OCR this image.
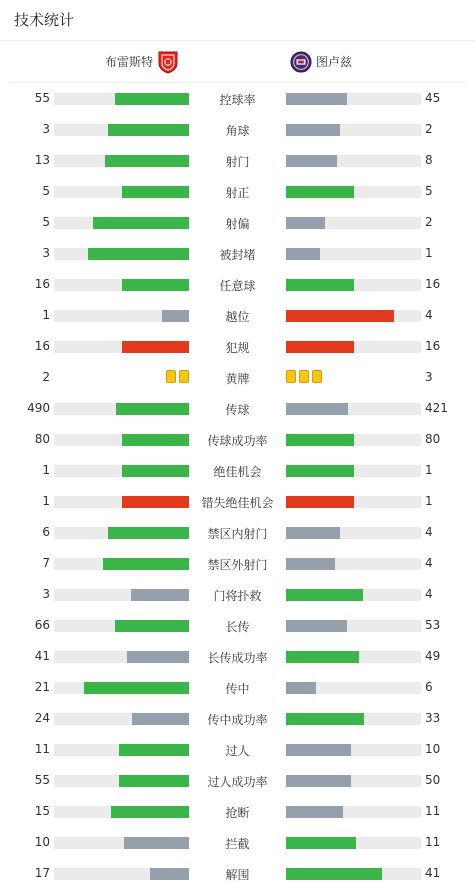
技术统计
布雷斯特	图卢兹
55	控球率	45
3	角球	2
13	射门	8
5	射正	5
5	射偏	2
3	被封堵	1
16	任意球	16
1	越位	4
16	犯规	16
2	黄牌	3
490	传球	421
80	传球成功率	80
1	绝佳机会	1
1	错失绝佳机会	1
6	禁区内射门	4
7	禁区外射门	4
3	门将扑救	4
66	长传	53
41	长传成功率	49
21	传中	6
24	传中成功率	33
11	过人	10
55	过人成功率	50
15	抢断	11
10	拦截	11
17	解围	41
